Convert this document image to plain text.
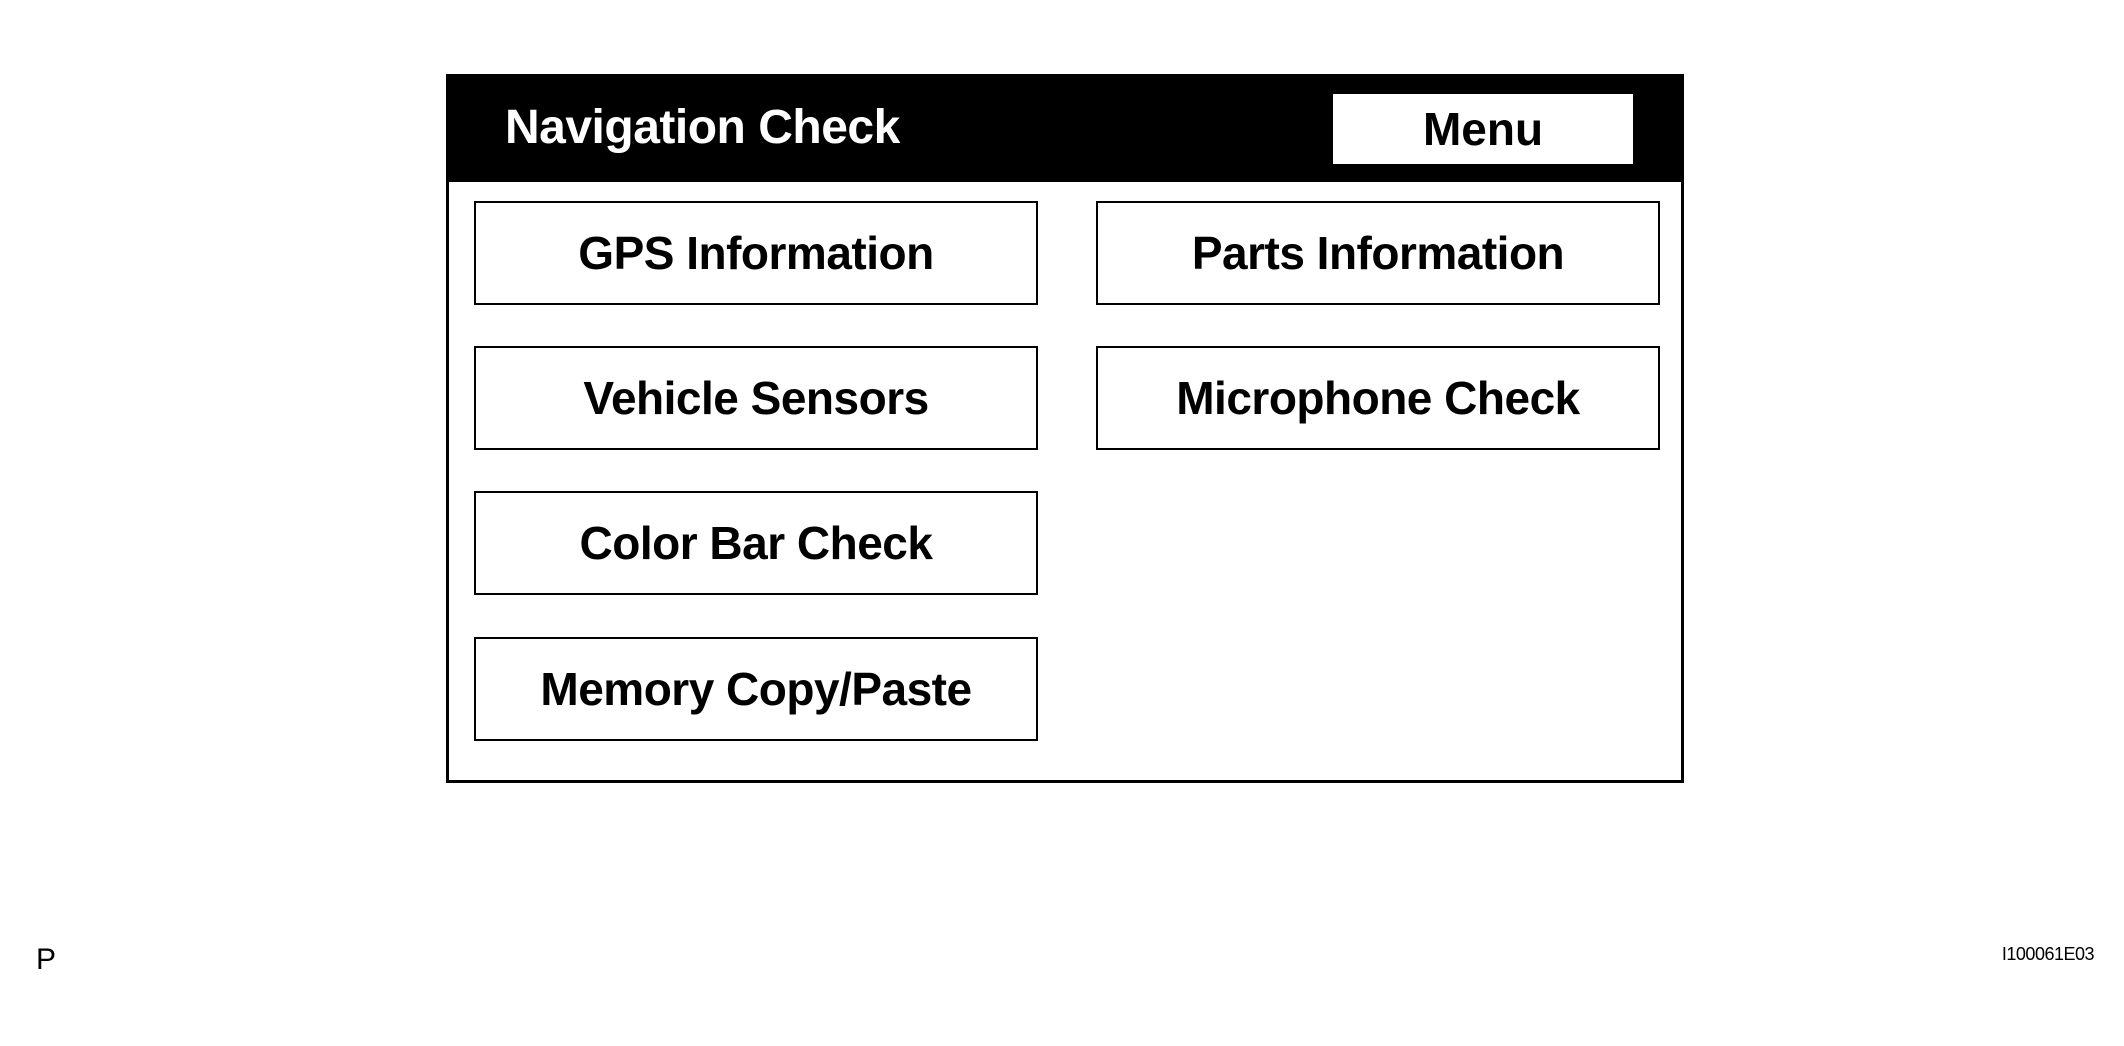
Navigation Check	Menu
GPS Information
Vehicle Sensors
Color Bar Check
Memory Copy/Paste
Parts Information
Microphone Check
P	I100061E03
